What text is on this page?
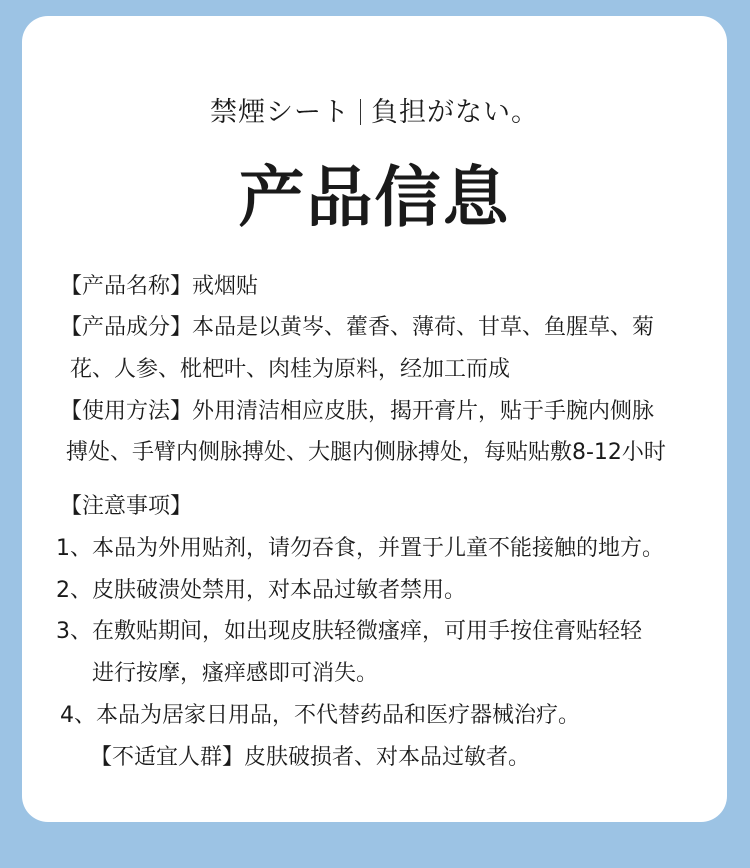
禁煙シート 負担がない。
产品信息
【产品名称】戒烟贴
【产品成分】本品是以黄岑、藿香、薄荷、甘草、鱼腥草、菊
花、人参、枇杷叶、肉桂为原料，经加工而成
【使用方法】外用清洁相应皮肤，揭开膏片，贴于手腕内侧脉
搏处、手臂内侧脉搏处、大腿内侧脉搏处，每贴贴敷8-12小时
【注意事项】
1、本品为外用贴剂，请勿吞食，并置于儿童不能接触的地方。
2、皮肤破溃处禁用，对本品过敏者禁用。
3、在敷贴期间，如出现皮肤轻微瘙痒，可用手按住膏贴轻轻
进行按摩，瘙痒感即可消失。
4、本品为居家日用品，不代替药品和医疗器械治疗。
【不适宜人群】皮肤破损者、对本品过敏者。
